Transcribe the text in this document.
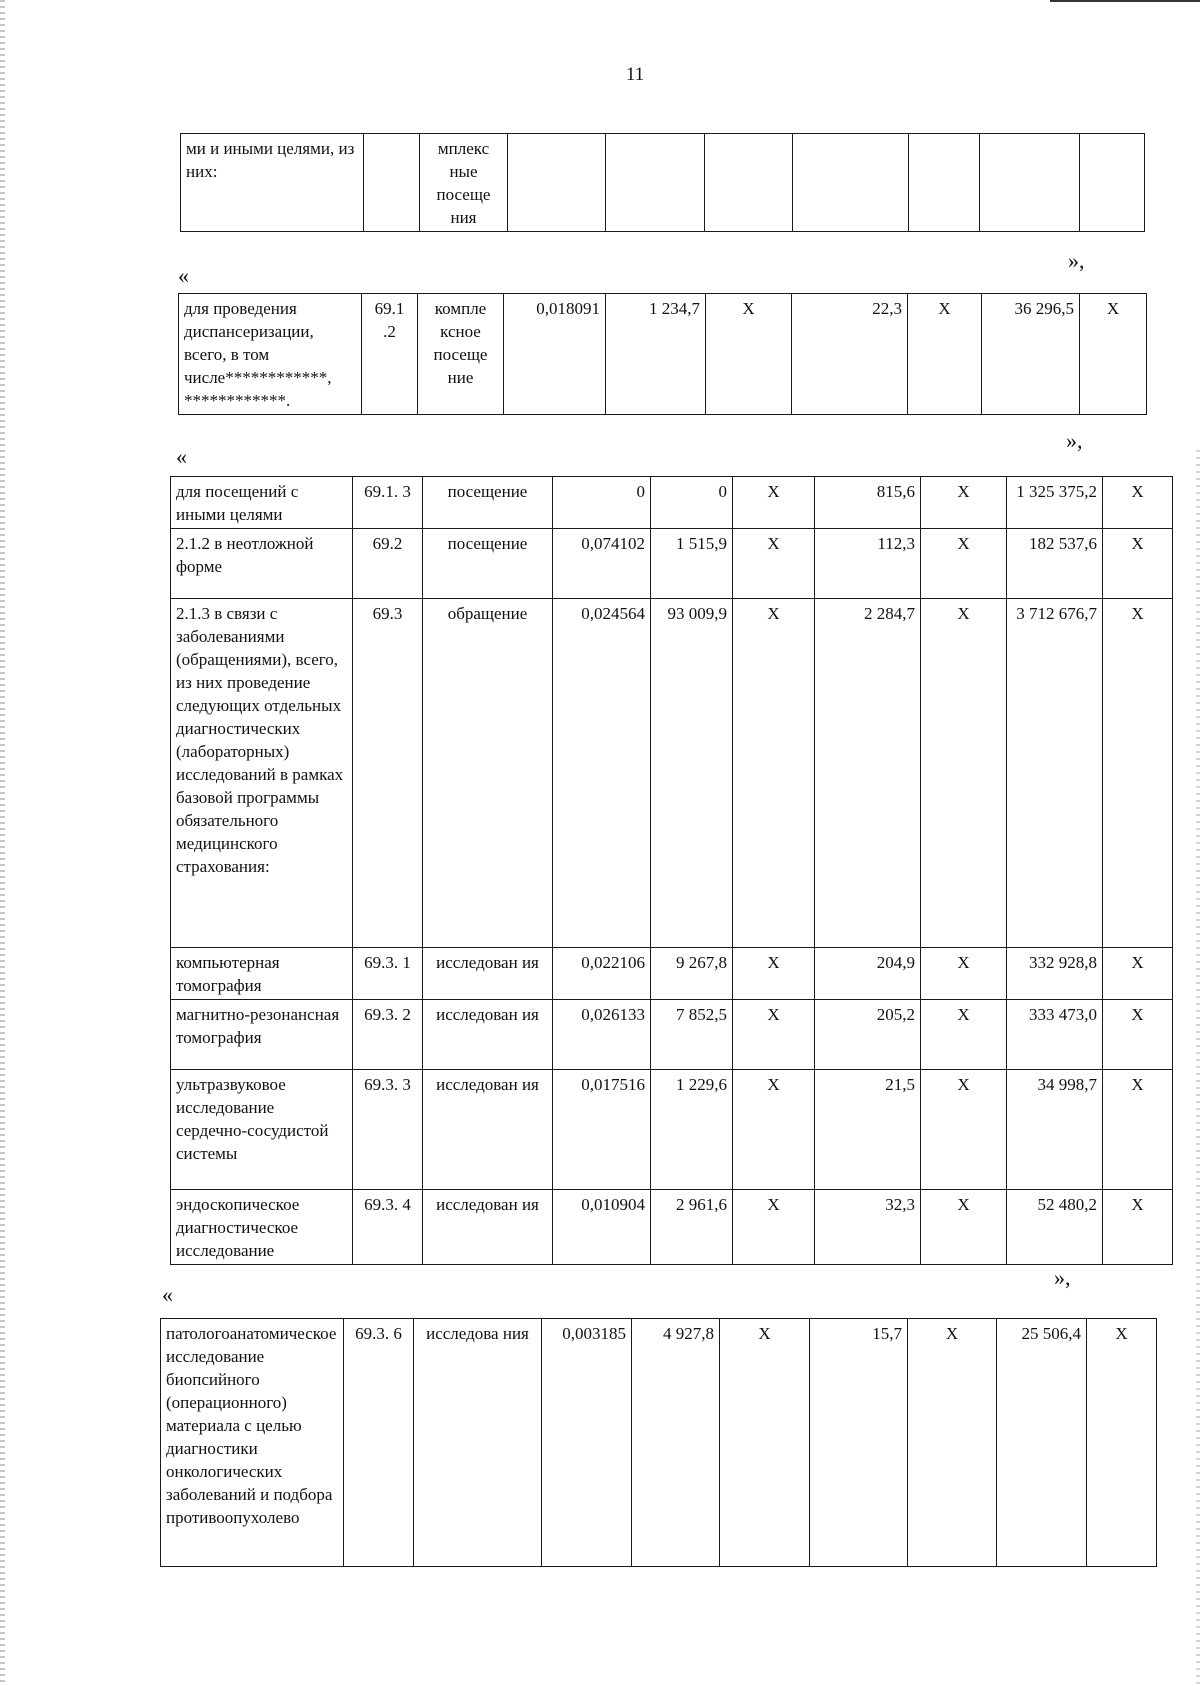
11
ми и иными целями, из них:		мплекс ные посеще ния							
«
»,
для проведения диспансеризации, всего, в том числе************, ************.	69.1 .2	компле ксное посеще ние	0,018091	1 234,7	Х	22,3	Х	36 296,5	Х
«
»,
для посещений с иными целями	69.1. 3	посещение	0	0	Х	815,6	Х	1 325 375,2	Х
2.1.2 в неотложной форме	69.2	посещение	0,074102	1 515,9	Х	112,3	Х	182 537,6	Х
2.1.3 в связи с заболеваниями (обращениями), всего, из них проведение следующих отдельных диагностических (лабораторных) исследований в рамках базовой программы обязательного медицинского страхования:	69.3	обращение	0,024564	93 009,9	Х	2 284,7	Х	3 712 676,7	Х
компьютерная томография	69.3. 1	исследован ия	0,022106	9 267,8	Х	204,9	Х	332 928,8	Х
магнитно-резонансная томография	69.3. 2	исследован ия	0,026133	7 852,5	Х	205,2	Х	333 473,0	Х
ультразвуковое исследование сердечно-сосудистой системы	69.3. 3	исследован ия	0,017516	1 229,6	Х	21,5	Х	34 998,7	Х
эндоскопическое диагностическое исследование	69.3. 4	исследован ия	0,010904	2 961,6	Х	32,3	Х	52 480,2	Х
«
»,
патологоанатомическое исследование биопсийного (операционного) материала с целью диагностики онкологических заболеваний и подбора противоопухолево	69.3. 6	исследова ния	0,003185	4 927,8	Х	15,7	Х	25 506,4	Х
